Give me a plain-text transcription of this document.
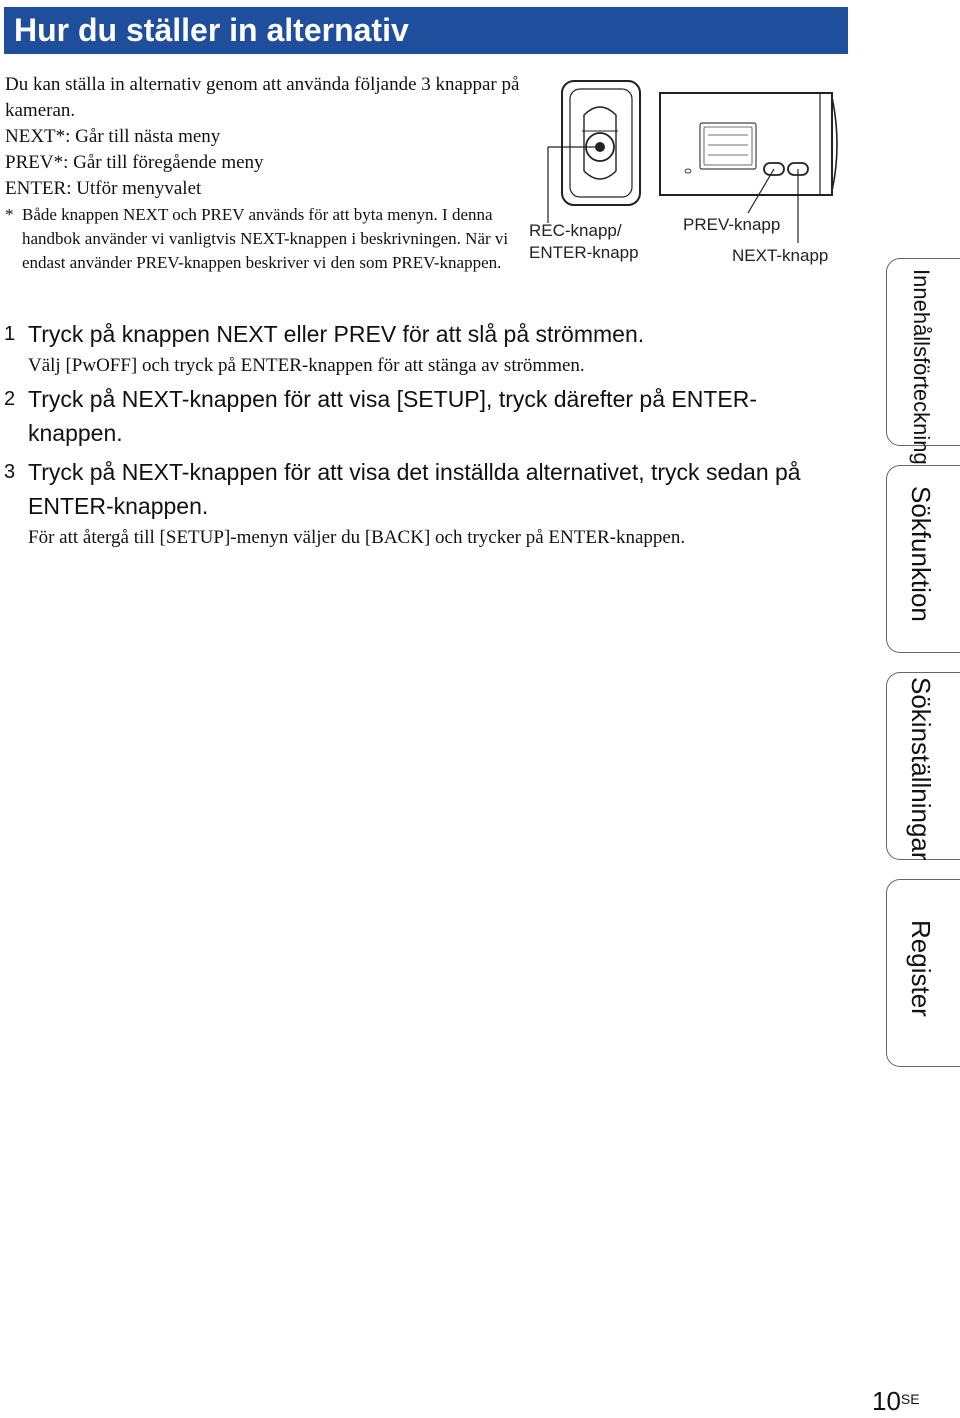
Hur du ställer in alternativ

Du kan ställa in alternativ genom att använda följande 3 knappar på kameran.

NEXT*: Går till nästa meny

PREV*: Går till föregående meny

ENTER: Utför menyvalet

* Både knappen NEXT och PREV används för att byta menyn. I denna handbok använder vi vanligtvis NEXT-knappen i beskrivningen. När vi endast använder PREV-knappen beskriver vi den som PREV-knappen.
REC-knapp/
ENTER-knapp
PREV-knapp
NEXT-knapp
1 Tryck på knappen NEXT eller PREV för att slå på strömmen.
Välj [PwOFF] och tryck på ENTER-knappen för att stänga av strömmen.
2 Tryck på NEXT-knappen för att visa [SETUP], tryck därefter på ENTER-knappen.
3 Tryck på NEXT-knappen för att visa det inställda alternativet, tryck sedan på ENTER-knappen.
För att återgå till [SETUP]-menyn väljer du [BACK] och trycker på ENTER-knappen.
Innehållsförteckning
Sökfunktion
Sökinställningar
Register
$10^{SE}$
